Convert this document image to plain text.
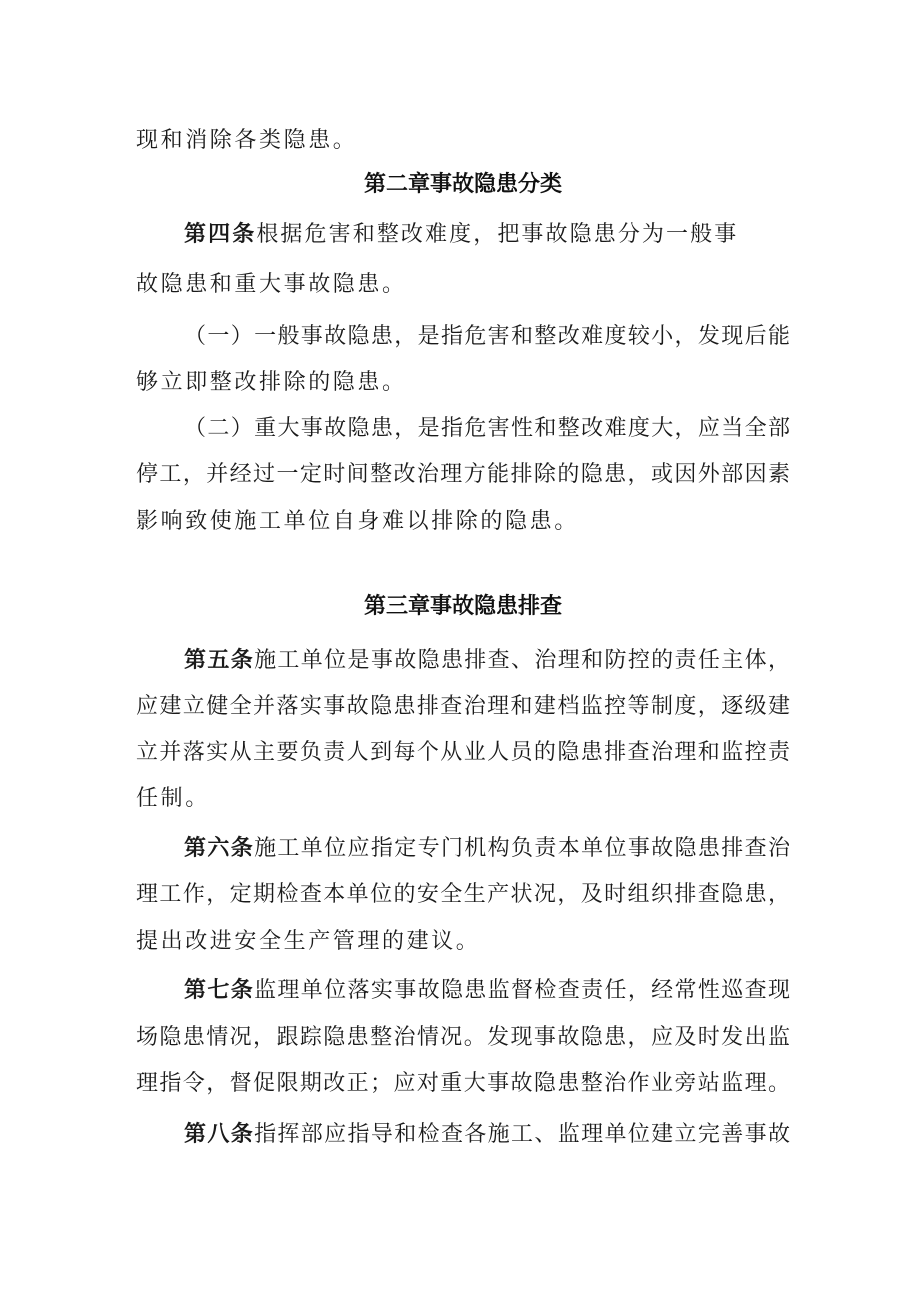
现和消除各类隐患。
第二章事故隐患分类
第四条根据危害和整改难度，把事故隐患分为一般事
故隐患和重大事故隐患。
（一）一般事故隐患，是指危害和整改难度较小，发现后能
够立即整改排除的隐患。
（二）重大事故隐患，是指危害性和整改难度大，应当全部
停工，并经过一定时间整改治理方能排除的隐患，或因外部因素
影响致使施工单位自身难以排除的隐患。
第三章事故隐患排查
第五条施工单位是事故隐患排查、治理和防控的责任主体，
应建立健全并落实事故隐患排查治理和建档监控等制度，逐级建
立并落实从主要负责人到每个从业人员的隐患排查治理和监控责
任制。
第六条施工单位应指定专门机构负责本单位事故隐患排查治
理工作，定期检查本单位的安全生产状况，及时组织排查隐患，
提出改进安全生产管理的建议。
第七条监理单位落实事故隐患监督检查责任，经常性巡查现
场隐患情况，跟踪隐患整治情况。发现事故隐患，应及时发出监
理指令，督促限期改正；应对重大事故隐患整治作业旁站监理。
第八条指挥部应指导和检查各施工、监理单位建立完善事故
